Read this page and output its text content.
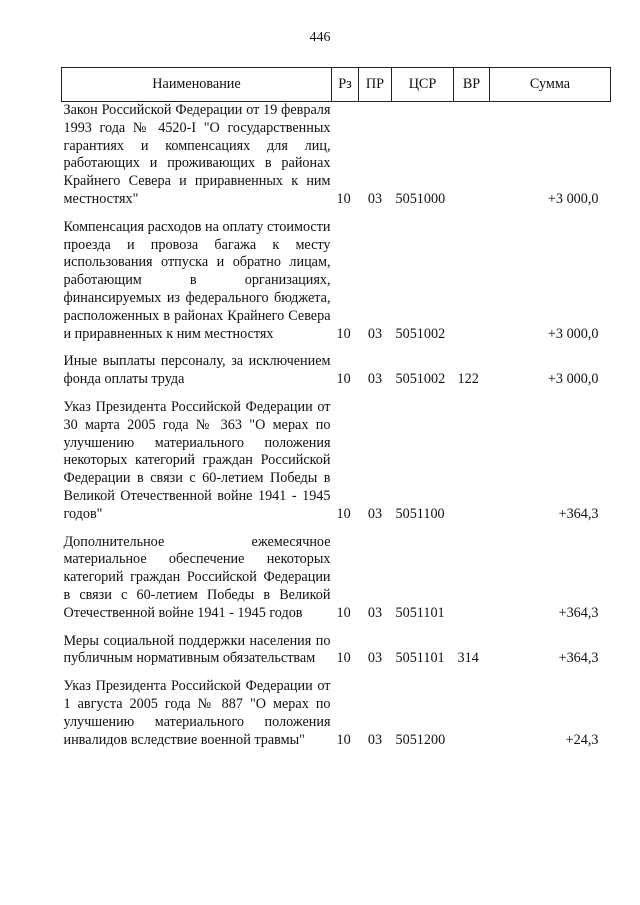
446
Наименование	Рз	ПР	ЦСР	ВР	Сумма
Закон Российской Федерации от 19 февраля 1993 года № 4520-I "О государственных гарантиях и компенсациях для лиц, работающих и проживающих в районах Крайнего Севера и приравненных к ним местностях"	10	03	5051000		+3 000,0
Компенсация расходов на оплату стоимости проезда и провоза багажа к месту использования отпуска и обратно лицам, работающим в организациях, финансируемых из федерального бюджета, расположенных в районах Крайнего Севера и приравненных к ним местностях	10	03	5051002		+3 000,0
Иные выплаты персоналу, за исключением фонда оплаты труда	10	03	5051002	122	+3 000,0
Указ Президента Российской Федерации от 30 марта 2005 года № 363 "О мерах по улучшению материального положения некоторых категорий граждан Российской Федерации в связи с 60-летием Победы в Великой Отечественной войне 1941 - 1945 годов"	10	03	5051100		+364,3
Дополнительное ежемесячное материальное обеспечение некоторых категорий граждан Российской Федерации в связи с 60-летием Победы в Великой Отечественной войне 1941 - 1945 годов	10	03	5051101		+364,3
Меры социальной поддержки населения по публичным нормативным обязательствам	10	03	5051101	314	+364,3
Указ Президента Российской Федерации от 1 августа 2005 года № 887 "О мерах по улучшению материального положения инвалидов вследствие военной травмы"	10	03	5051200		+24,3
